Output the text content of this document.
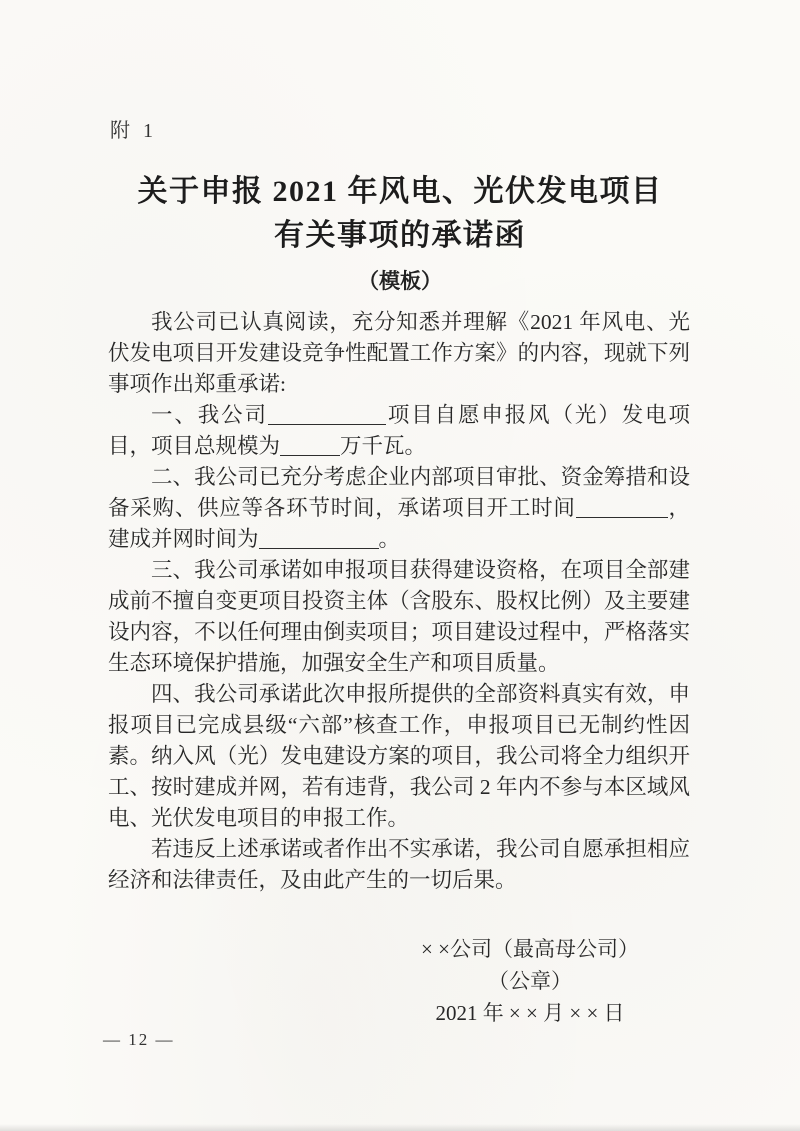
附 1
关于申报 2021 年风电、光伏发电项目
有关事项的承诺函
（模板）

我公司已认真阅读，充分知悉并理解《2021 年风电、光伏发电项目开发建设竞争性配置工作方案》的内容，现就下列事项作出郑重承诺:

一、我公司	项目自愿申报风（光）发电项目，项目总规模为	万千瓦。

二、我公司已充分考虑企业内部项目审批、资金筹措和设备采购、供应等各环节时间，承诺项目开工时间	，建成并网时间为	。

三、我公司承诺如申报项目获得建设资格，在项目全部建成前不擅自变更项目投资主体（含股东、股权比例）及主要建设内容，不以任何理由倒卖项目；项目建设过程中，严格落实生态环境保护措施，加强安全生产和项目质量。

四、我公司承诺此次申报所提供的全部资料真实有效，申报项目已完成县级“六部”核查工作，申报项目已无制约性因素。纳入风（光）发电建设方案的项目，我公司将全力组织开工、按时建成并网，若有违背，我公司 2 年内不参与本区域风电、光伏发电项目的申报工作。

若违反上述承诺或者作出不实承诺，我公司自愿承担相应经济和法律责任，及由此产生的一切后果。

× ×公司（最高母公司）
（公章）
2021 年 × × 月 × × 日
— 12 —
